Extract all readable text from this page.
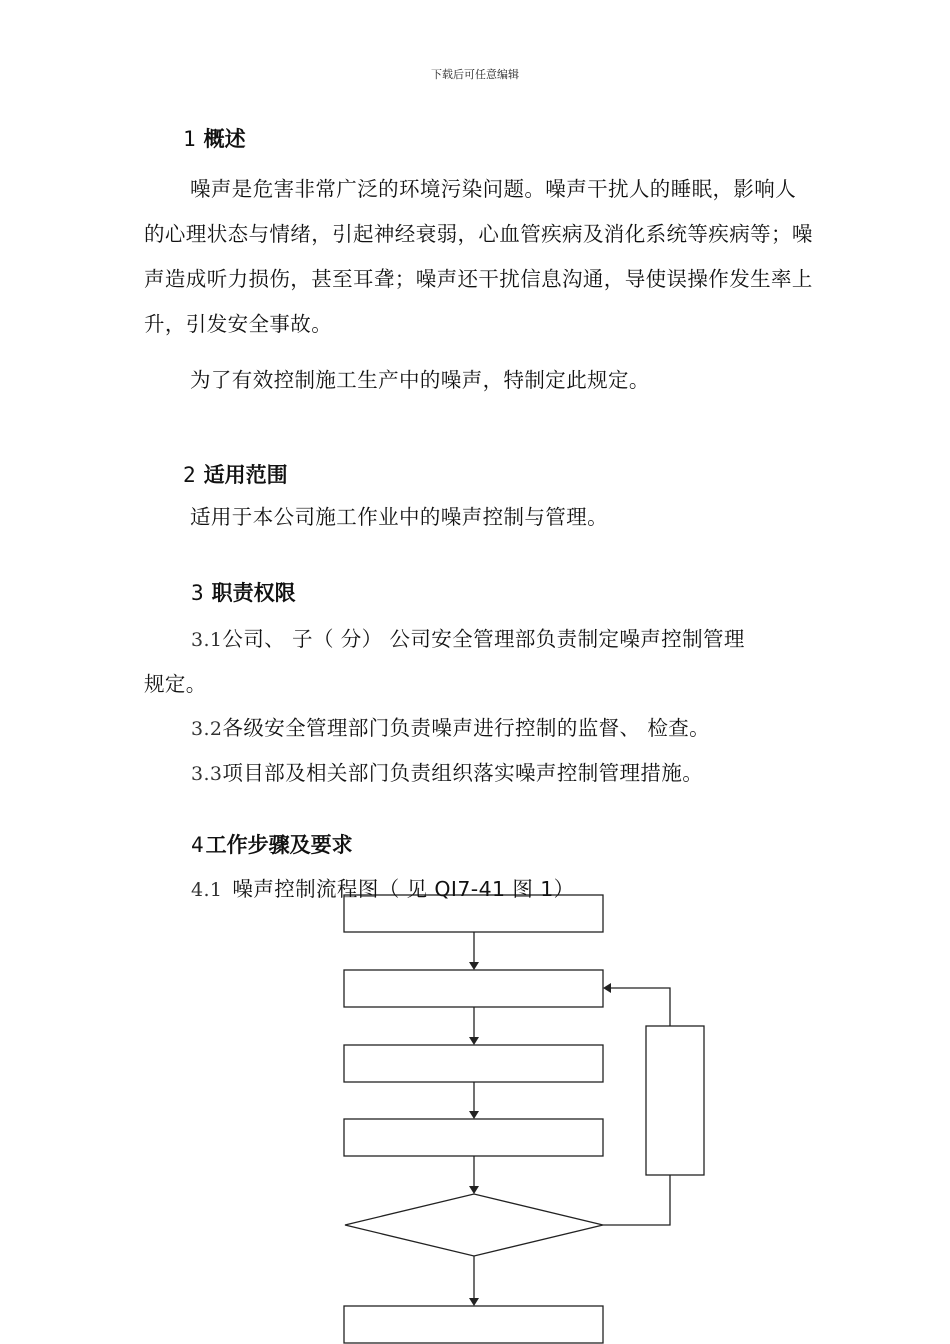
下载后可任意编辑
1 概述
噪声是危害非常广泛的环境污染问题。噪声干扰人的睡眠，影响人的心理状态与情绪，引起神经衰弱，心血管疾病及消化系统等疾病等；噪声造成听力损伤，甚至耳聋；噪声还干扰信息沟通，导使误操作发生率上升，引发安全事故。
为了有效控制施工生产中的噪声，特制定此规定。
2 适用范围
适用于本公司施工作业中的噪声控制与管理。
3 职责权限
3.1公司、 子（ 分） 公司安全管理部负责制定噪声控制管理
规定。
3.2各级安全管理部门负责噪声进行控制的监督、 检查。
3.3项目部及相关部门负责组织落实噪声控制管理措施。
4工作步骤及要求
4.1 噪声控制流程图（ 见 QI7-41 图 1）
